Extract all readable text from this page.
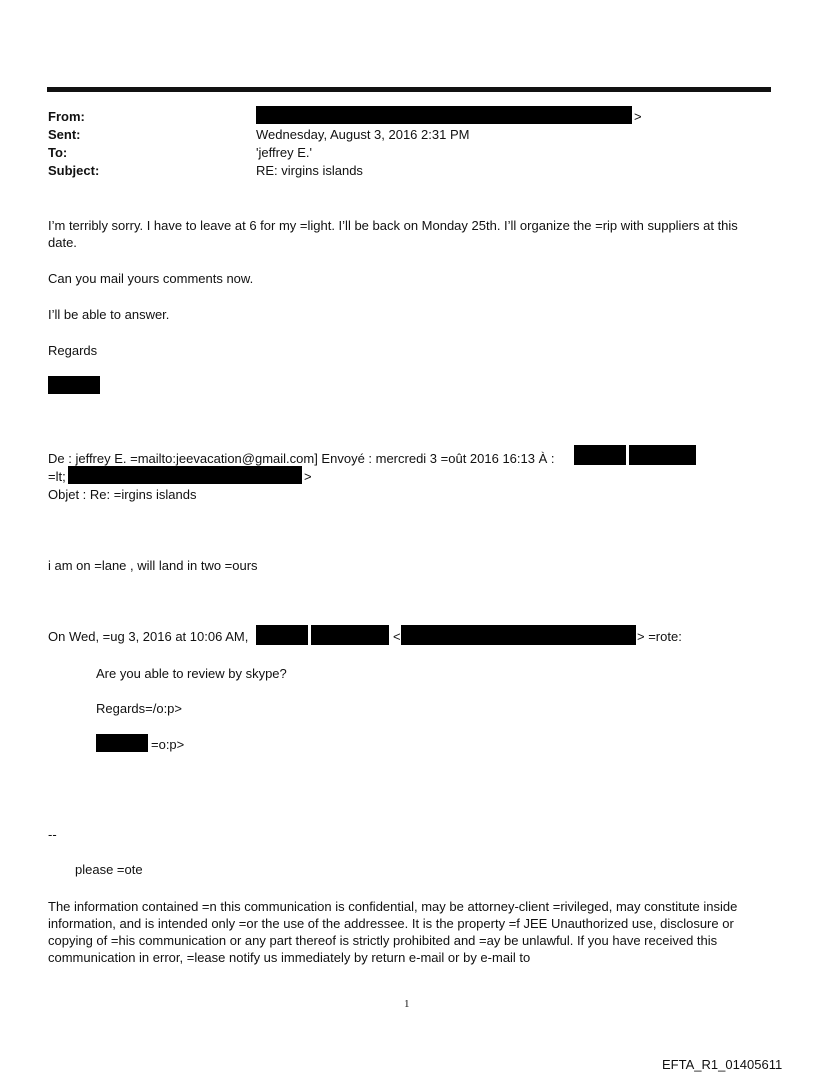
From:	>
Sent:	Wednesday, August 3, 2016 2:31 PM
To:	'jeffrey E.'
Subject:	RE: virgins islands
I’m terribly sorry. I have to leave at 6 for my =light. I’ll be back on Monday 25th. I’ll organize the =rip with suppliers at this date.
Can you mail yours comments now.
I’ll be able to answer.
Regards
De : jeffrey E. =mailto:jeevacation@gmail.com] Envoyé : mercredi 3 =oût 2016 16:13 À :
=lt;	>
Objet : Re: =irgins islands
i am on =lane , will land in two =ours
On Wed, =ug 3, 2016 at 10:06 AM,	<	> =rote:
Are you able to review by skype?
Regards=/o:p>
=o:p>
--
please =ote
The information contained =n this communication is confidential, may be attorney-client =rivileged, may constitute inside information, and is intended only =or the use of the addressee. It is the property =f JEE Unauthorized use, disclosure or copying of =his communication or any part thereof is strictly prohibited and =ay be unlawful. If you have received this communication in error, =lease notify us immediately by return e-mail or by e-mail to
1
EFTA_R1_01405611
